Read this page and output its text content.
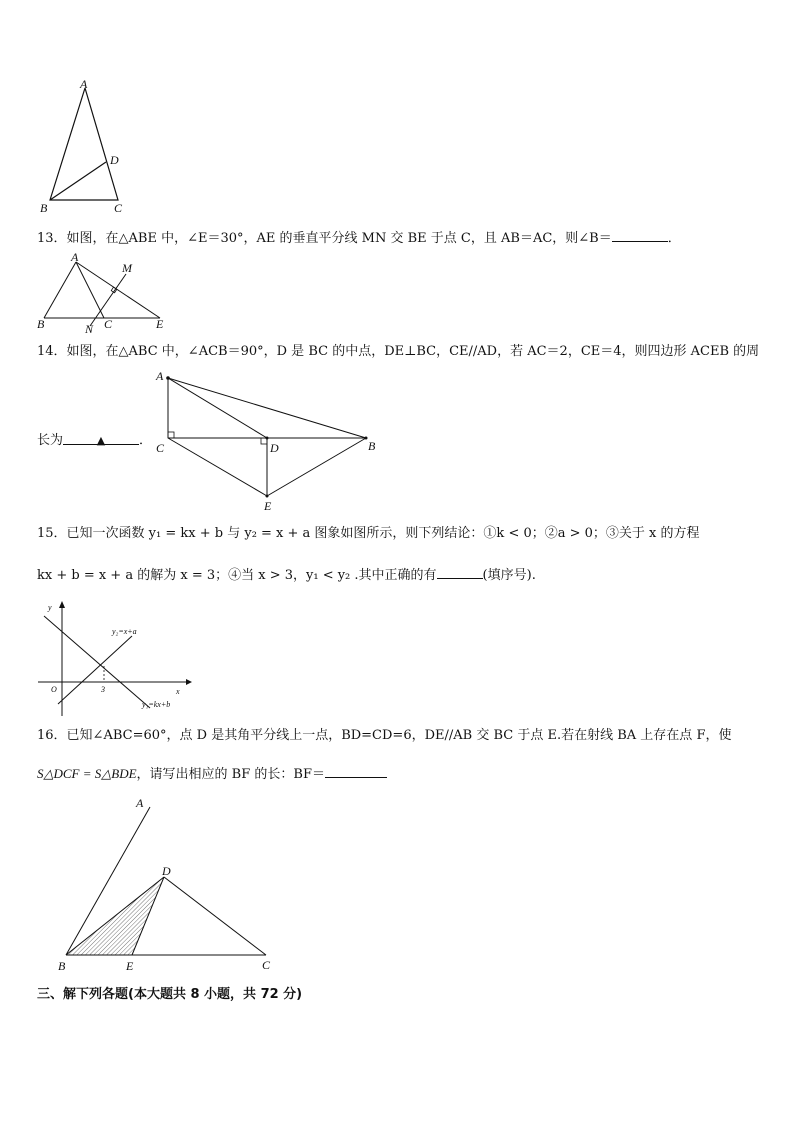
A
D
B	C
13．如图，在△ABE 中，∠E＝30°，AE 的垂直平分线 MN 交 BE 于点 C，且 AB＝AC，则∠B＝	．
A
M
B	N C	E
14．如图，在△ABC 中，∠ACB＝90°，D 是 BC 的中点，DE⊥BC，CE//AD，若 AC＝2，CE＝4，则四边形 ACEB 的周
长为	▲	．
A
C	D	B
E
15．已知一次函数 y₁ = kx + b 与 y₂ = x + a 图象如图所示，则下列结论：①k < 0；②a > 0；③关于 x 的方程
kx + b = x + a 的解为 x = 3；④当 x > 3，y₁ < y₂ .其中正确的有	(填序号).
y
x
O	3
y₂=x+a
y₁=kx+b
16．已知∠ABC=60°，点 D 是其角平分线上一点，BD=CD=6，DE//AB 交 BC 于点 E.若在射线 BA 上存在点 F，使
S△DCF = S△BDE，请写出相应的 BF 的长：BF＝
A
D
B	E	C
三、解下列各题(本大题共 8 小题，共 72 分)
